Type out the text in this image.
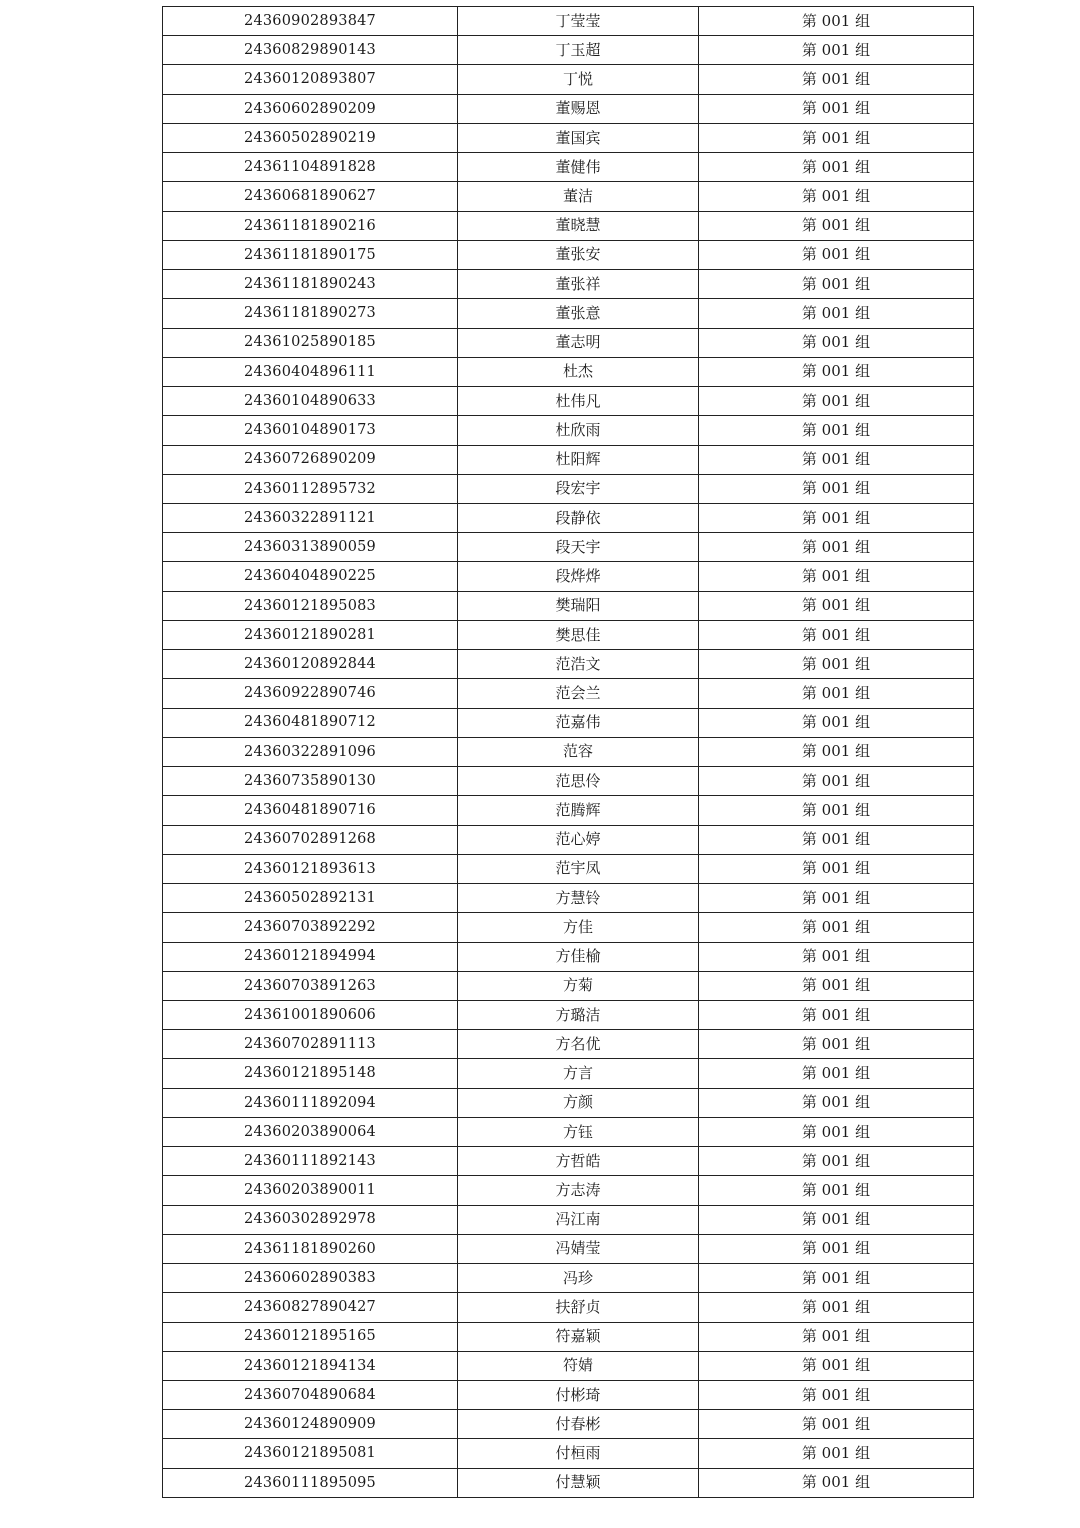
24360902893847	丁莹莹	第 001 组
24360829890143	丁玉超	第 001 组
24360120893807	丁悦	第 001 组
24360602890209	董赐恩	第 001 组
24360502890219	董国宾	第 001 组
24361104891828	董健伟	第 001 组
24360681890627	董洁	第 001 组
24361181890216	董晓慧	第 001 组
24361181890175	董张安	第 001 组
24361181890243	董张祥	第 001 组
24361181890273	董张意	第 001 组
24361025890185	董志明	第 001 组
24360404896111	杜杰	第 001 组
24360104890633	杜伟凡	第 001 组
24360104890173	杜欣雨	第 001 组
24360726890209	杜阳辉	第 001 组
24360112895732	段宏宇	第 001 组
24360322891121	段静依	第 001 组
24360313890059	段天宇	第 001 组
24360404890225	段烨烨	第 001 组
24360121895083	樊瑞阳	第 001 组
24360121890281	樊思佳	第 001 组
24360120892844	范浩文	第 001 组
24360922890746	范会兰	第 001 组
24360481890712	范嘉伟	第 001 组
24360322891096	范容	第 001 组
24360735890130	范思伶	第 001 组
24360481890716	范腾辉	第 001 组
24360702891268	范心婷	第 001 组
24360121893613	范宇凤	第 001 组
24360502892131	方慧铃	第 001 组
24360703892292	方佳	第 001 组
24360121894994	方佳榆	第 001 组
24360703891263	方菊	第 001 组
24361001890606	方璐洁	第 001 组
24360702891113	方名优	第 001 组
24360121895148	方言	第 001 组
24360111892094	方颜	第 001 组
24360203890064	方钰	第 001 组
24360111892143	方哲皓	第 001 组
24360203890011	方志涛	第 001 组
24360302892978	冯江南	第 001 组
24361181890260	冯婧莹	第 001 组
24360602890383	冯珍	第 001 组
24360827890427	扶舒贞	第 001 组
24360121895165	符嘉颖	第 001 组
24360121894134	符婧	第 001 组
24360704890684	付彬琦	第 001 组
24360124890909	付春彬	第 001 组
24360121895081	付桓雨	第 001 组
24360111895095	付慧颖	第 001 组
